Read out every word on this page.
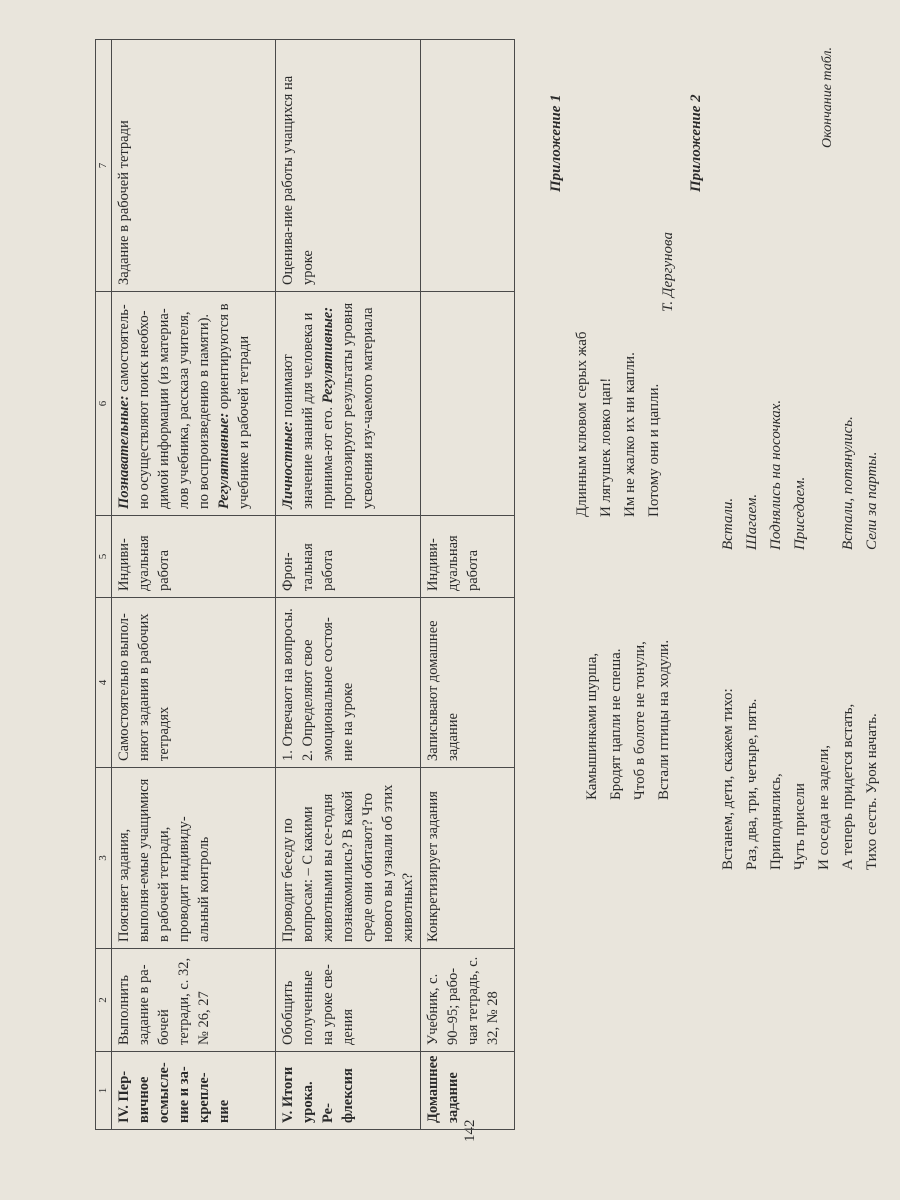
142
Окончание табл.
1	2	3	4	5	6	7
IV. Пер-вичное осмысле-ние и за-крепле-ние	Выполнить задание в ра-бочей тетради, с. 32, № 26, 27	Поясняет задания, выполня-емые учащимися в рабочей тетради, проводит индивиду-альный контроль	Самостоятельно выпол-няют задания в рабочих тетрадях	Индиви-дуальная работа	Познавательные: самостоятель-но осуществляют поиск необхо-димой информации (из материа-лов учебника, рассказа учителя, по воспроизведению в памяти). Регулятивные: ориентируются в учебнике и рабочей тетради	Задание в рабочей тетради
V. Итоги урока. Ре-флексия	Обобщить полученные на уроке све-дения	Проводит беседу по вопросам: – С какими животными вы се-годня познакомились? В какой среде они обитают? Что нового вы узнали об этих животных?	1. Отвечают на вопросы. 2. Определяют свое эмоциональное состоя-ние на уроке	Фрон-тальная работа	Личностные: понимают значение знаний для человека и принима-ют его. Регулятивные: прогнозируют результаты уровня усвоения изу-чаемого материала	Оценива-ние работы учащихся на уроке
Домашнее задание	Учебник, с. 90–95; рабо-чая тетрадь, с. 32, № 28	Конкретизирует задания	Записывают домашнее задание	Индиви-дуальная работа		
Приложение 1
Камышинками шурша, Бродят цапли не спеша. Чтоб в болоте не тонули, Встали птицы на ходули.
Длинным клювом серых жаб И лягушек ловко цап! Им не жалко их ни капли. Потому они и цапли.
Т. Дергунова
Приложение 2
Встанем, дети, скажем тихо: Раз, два, три, четыре, пять. Приподнялись, Чуть присели И соседа не задели, А теперь придется встать, Тихо сесть. Урок начать.
Встали. Шагаем. Поднялись на носочках. Приседаем. Встали, потянулись. Сели за парты.
